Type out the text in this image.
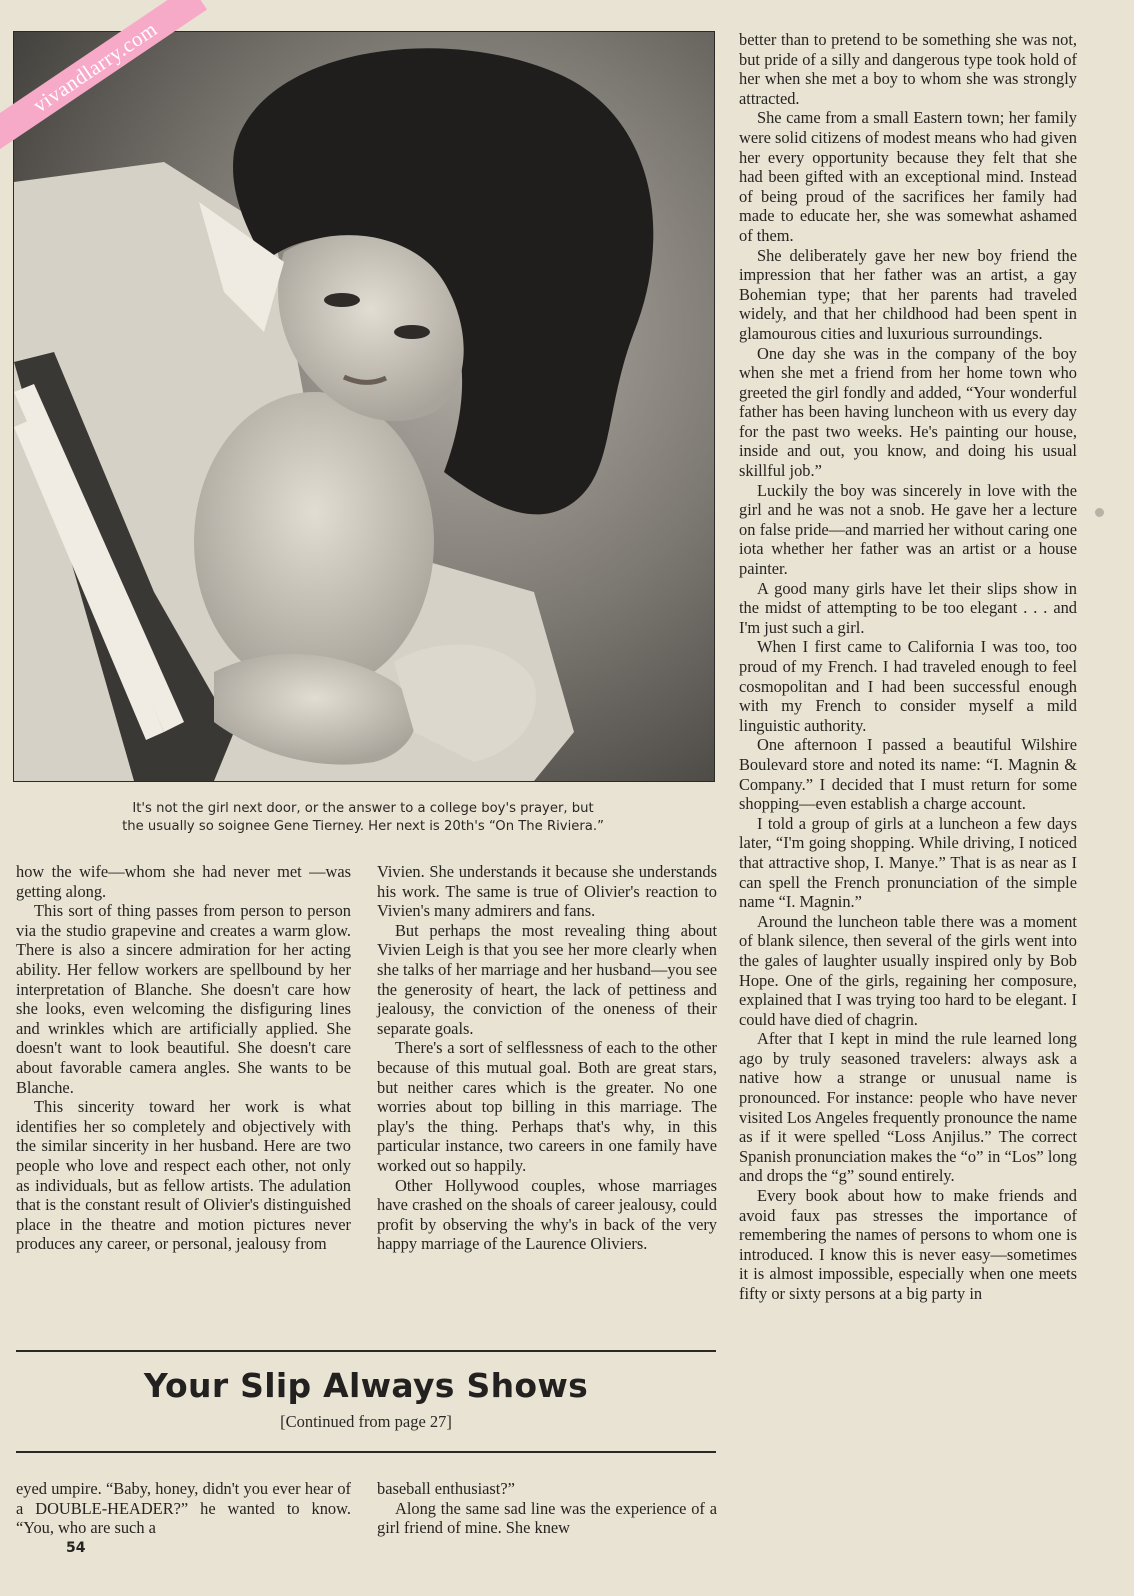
vivandlarry.com
It's not the girl next door, or the answer to a college boy's prayer, but
the usually so soignee Gene Tierney. Her next is 20th's “On The Riviera.”

how the wife—whom she had never met —was getting along.

This sort of thing passes from person to person via the studio grapevine and creates a warm glow. There is also a sincere admiration for her acting ability. Her fellow workers are spellbound by her interpretation of Blanche. She doesn't care how she looks, even welcoming the disfiguring lines and wrinkles which are artificially applied. She doesn't want to look beautiful. She doesn't care about favorable camera angles. She wants to be Blanche.

This sincerity toward her work is what identifies her so completely and objectively with the similar sincerity in her husband. Here are two people who love and respect each other, not only as individuals, but as fellow artists. The adulation that is the constant result of Olivier's distinguished place in the theatre and motion pictures never produces any career, or personal, jealousy from

Vivien. She understands it because she understands his work. The same is true of Olivier's reaction to Vivien's many admirers and fans.

But perhaps the most revealing thing about Vivien Leigh is that you see her more clearly when she talks of her marriage and her husband—you see the generosity of heart, the lack of pettiness and jealousy, the conviction of the oneness of their separate goals.

There's a sort of selflessness of each to the other because of this mutual goal. Both are great stars, but neither cares which is the greater. No one worries about top billing in this marriage. The play's the thing. Perhaps that's why, in this particular instance, two careers in one family have worked out so happily.

Other Hollywood couples, whose marriages have crashed on the shoals of career jealousy, could profit by observing the why's in back of the very happy marriage of the Laurence Oliviers.

better than to pretend to be something she was not, but pride of a silly and dangerous type took hold of her when she met a boy to whom she was strongly attracted.

She came from a small Eastern town; her family were solid citizens of modest means who had given her every opportunity because they felt that she had been gifted with an exceptional mind. Instead of being proud of the sacrifices her family had made to educate her, she was somewhat ashamed of them.

She deliberately gave her new boy friend the impression that her father was an artist, a gay Bohemian type; that her parents had traveled widely, and that her childhood had been spent in glamourous cities and luxurious surroundings.

One day she was in the company of the boy when she met a friend from her home town who greeted the girl fondly and added, “Your wonderful father has been having luncheon with us every day for the past two weeks. He's painting our house, inside and out, you know, and doing his usual skillful job.”

Luckily the boy was sincerely in love with the girl and he was not a snob. He gave her a lecture on false pride—and married her without caring one iota whether her father was an artist or a house painter.

A good many girls have let their slips show in the midst of attempting to be too elegant . . . and I'm just such a girl.

When I first came to California I was too, too proud of my French. I had traveled enough to feel cosmopolitan and I had been successful enough with my French to consider myself a mild linguistic authority.

One afternoon I passed a beautiful Wilshire Boulevard store and noted its name: “I. Magnin & Company.” I decided that I must return for some shopping—even establish a charge account.

I told a group of girls at a luncheon a few days later, “I'm going shopping. While driving, I noticed that attractive shop, I. Manye.” That is as near as I can spell the French pronunciation of the simple name “I. Magnin.”

Around the luncheon table there was a moment of blank silence, then several of the girls went into the gales of laughter usually inspired only by Bob Hope. One of the girls, regaining her composure, explained that I was trying too hard to be elegant. I could have died of chagrin.

After that I kept in mind the rule learned long ago by truly seasoned travelers: always ask a native how a strange or unusual name is pronounced. For instance: people who have never visited Los Angeles frequently pronounce the name as if it were spelled “Loss Anjilus.” The correct Spanish pronunciation makes the “o” in “Los” long and drops the “g” sound entirely.

Every book about how to make friends and avoid faux pas stresses the importance of remembering the names of persons to whom one is introduced. I know this is never easy—sometimes it is almost impossible, especially when one meets fifty or sixty persons at a big party in

Your Slip Always Shows
[Continued from page 27]

eyed umpire. “Baby, honey, didn't you ever hear of a DOUBLE-HEADER?” he wanted to know. “You, who are such a

baseball enthusiast?”

Along the same sad line was the experience of a girl friend of mine. She knew

54
